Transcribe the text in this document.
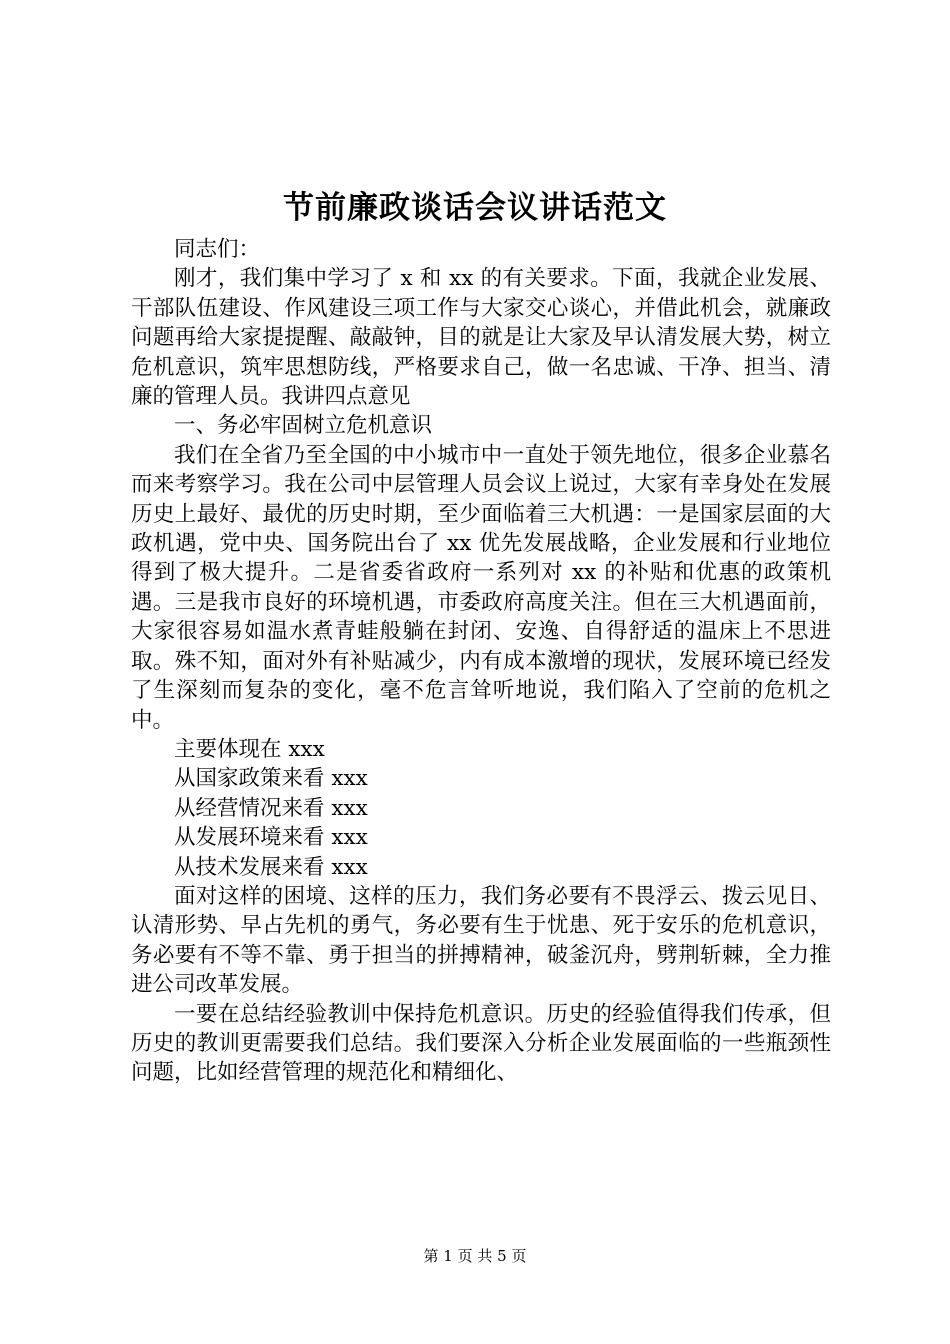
节前廉政谈话会议讲话范文

同志们：

刚才，我们集中学习了 x 和 xx 的有关要求。下面，我就企业发展、干部队伍建设、作风建设三项工作与大家交心谈心，并借此机会，就廉政问题再给大家提提醒、敲敲钟，目的就是让大家及早认清发展大势，树立危机意识，筑牢思想防线，严格要求自己，做一名忠诚、干净、担当、清廉的管理人员。我讲四点意见

一、务必牢固树立危机意识

我们在全省乃至全国的中小城市中一直处于领先地位，很多企业慕名而来考察学习。我在公司中层管理人员会议上说过，大家有幸身处在发展历史上最好、最优的历史时期，至少面临着三大机遇：一是国家层面的大政机遇，党中央、国务院出台了 xx 优先发展战略，企业发展和行业地位得到了极大提升。二是省委省政府一系列对 xx 的补贴和优惠的政策机遇。三是我市良好的环境机遇，市委政府高度关注。但在三大机遇面前，大家很容易如温水煮青蛙般躺在封闭、安逸、自得舒适的温床上不思进取。殊不知，面对外有补贴减少，内有成本激增的现状，发展环境已经发了生深刻而复杂的变化，毫不危言耸听地说，我们陷入了空前的危机之中。

主要体现在 xxx

从国家政策来看 xxx

从经营情况来看 xxx

从发展环境来看 xxx

从技术发展来看 xxx

面对这样的困境、这样的压力，我们务必要有不畏浮云、拨云见日、认清形势、早占先机的勇气，务必要有生于忧患、死于安乐的危机意识，务必要有不等不靠、勇于担当的拼搏精神，破釜沉舟，劈荆斩棘，全力推进公司改革发展。

一要在总结经验教训中保持危机意识。历史的经验值得我们传承，但历史的教训更需要我们总结。我们要深入分析企业发展面临的一些瓶颈性问题，比如经营管理的规范化和精细化、

第 1 页 共 5 页
